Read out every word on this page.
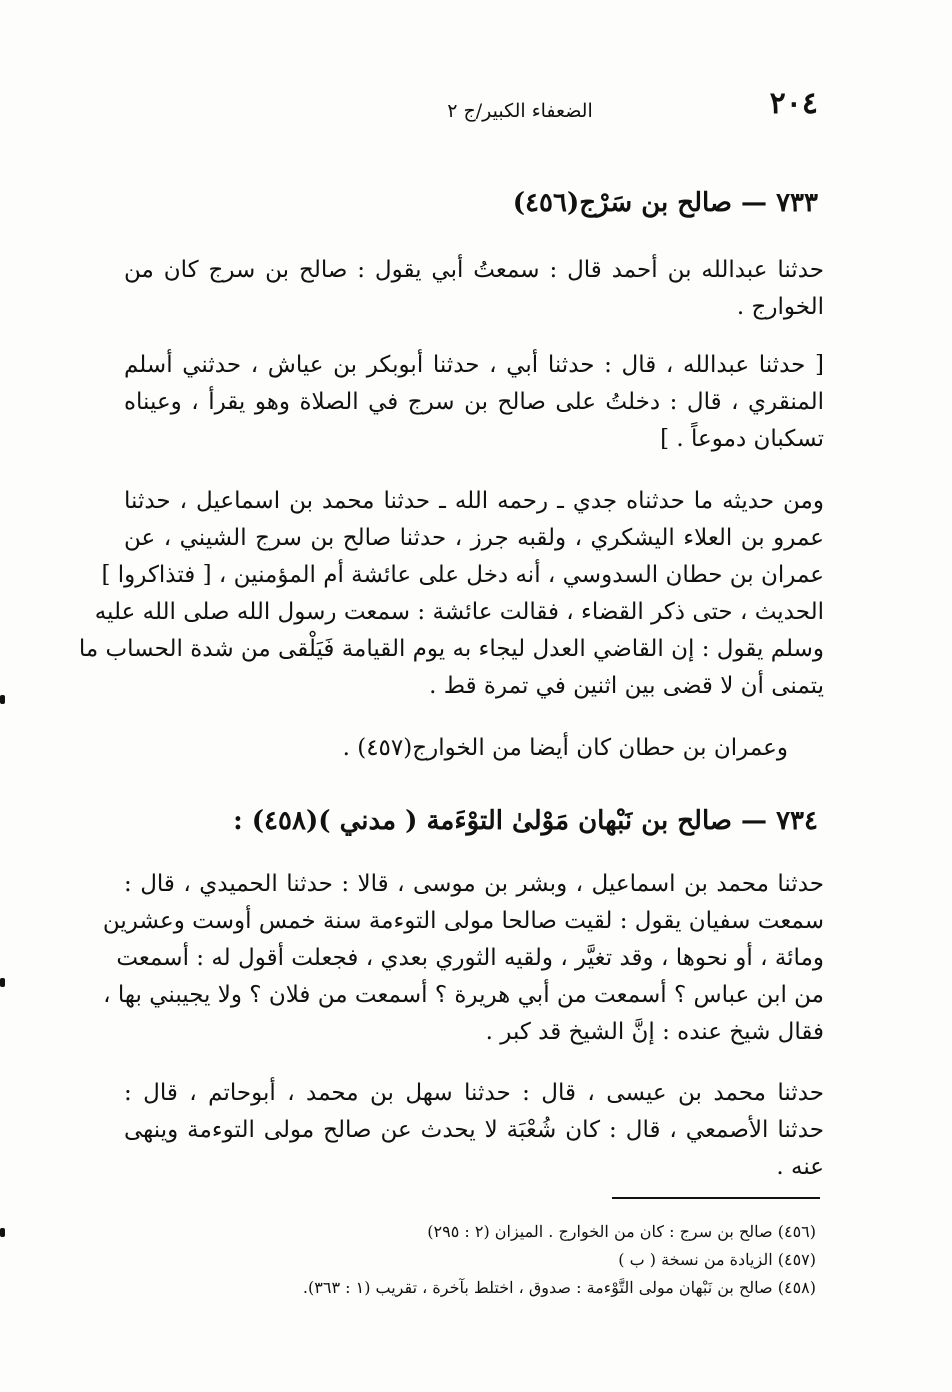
٢٠٤
الضعفاء الكبير/ج ٢
٧٣٣ — صالح بن سَرْج(٤٥٦)
حدثنا عبدالله بن أحمد قال : سمعتُ أبي يقول : صالح بن سرج كان من
الخوارج .
[ حدثنا عبدالله ، قال : حدثنا أبي ، حدثنا أبوبكر بن عياش ، حدثني أسلم
المنقري ، قال : دخلتُ على صالح بن سرج في الصلاة وهو يقرأ ، وعيناه
تسكبان دموعاً . ]
ومن حديثه ما حدثناه جدي ـ رحمه الله ـ حدثنا محمد بن اسماعيل ، حدثنا
عمرو بن العلاء اليشكري ، ولقبه جرز ، حدثنا صالح بن سرج الشيني ، عن
عمران بن حطان السدوسي ، أنه دخل على عائشة أم المؤمنين ، [ فتذاكروا ]
الحديث ، حتى ذكر القضاء ، فقالت عائشة : سمعت رسول الله صلى الله عليه
وسلم يقول : إن القاضي العدل ليجاء به يوم القيامة فَيَلْقى من شدة الحساب ما
يتمنى أن لا قضى بين اثنين في تمرة قط .
وعمران بن حطان كان أيضا من الخوارج(٤٥٧) .
٧٣٤ — صالح بن نَبْهان مَوْلىٰ التوْءَمة ( مدني )(٤٥٨) :
حدثنا محمد بن اسماعيل ، وبشر بن موسى ، قالا : حدثنا الحميدي ، قال :
سمعت سفيان يقول : لقيت صالحا مولى التوءمة سنة خمس أوست وعشرين
ومائة ، أو نحوها ، وقد تغيَّر ، ولقيه الثوري بعدي ، فجعلت أقول له : أسمعت
من ابن عباس ؟ أسمعت من أبي هريرة ؟ أسمعت من فلان ؟ ولا يجيبني بها ،
فقال شيخ عنده : إنَّ الشيخ قد كبر .
حدثنا محمد بن عيسى ، قال : حدثنا سهل بن محمد ، أبوحاتم ، قال :
حدثنا الأصمعي ، قال : كان شُعْبَة لا يحدث عن صالح مولى التوءمة وينهى
عنه .
(٤٥٦) صالح بن سرج : كان من الخوارج . الميزان (٢ : ٢٩٥)
(٤٥٧) الزيادة من نسخة ( ب )
(٤٥٨) صالح بن نَبْهان مولى التَّوْءمة : صدوق ، اختلط بآخرة ، تقريب (١ : ٣٦٣).
